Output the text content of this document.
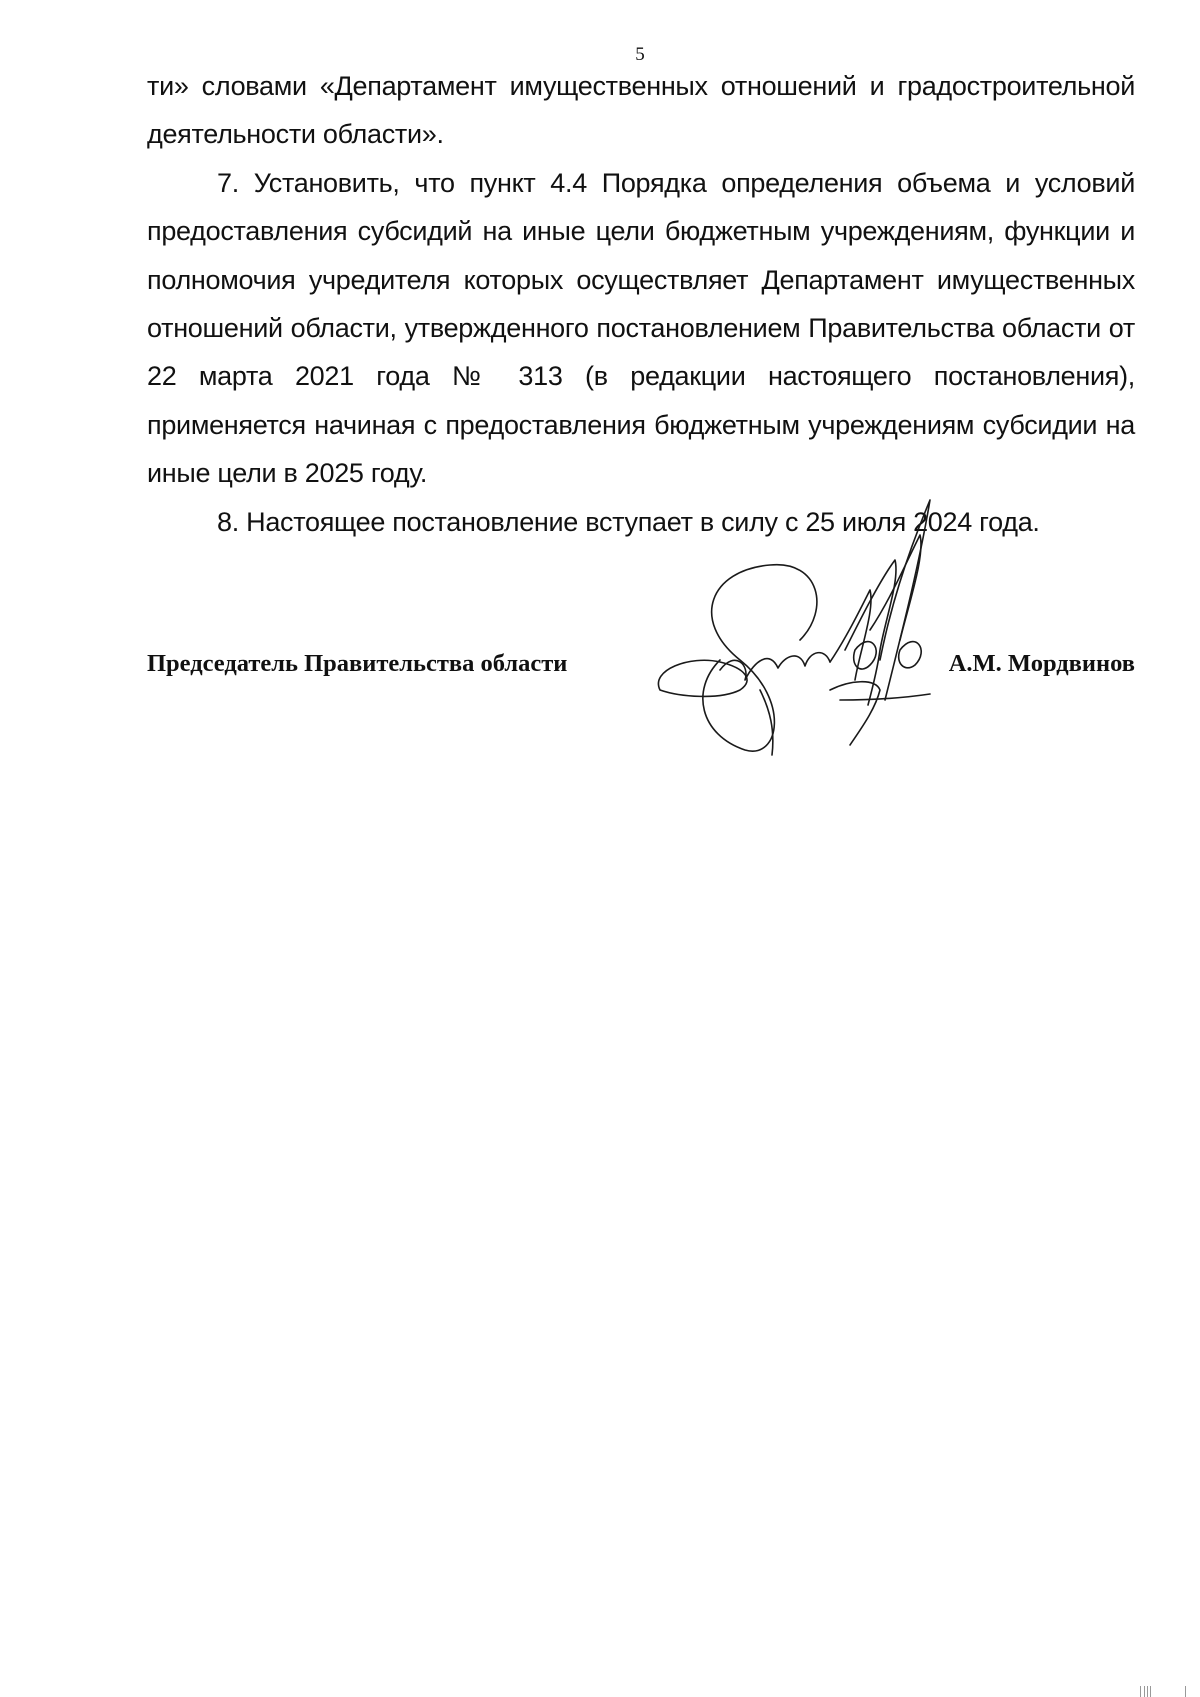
5

ти» словами «Департамент имущественных отношений и градостроительной деятельности области».

7. Установить, что пункт 4.4 Порядка определения объема и условий предоставления субсидий на иные цели бюджетным учреждениям, функции и полномочия учредителя которых осуществляет Департамент имущественных отношений области, утвержденного постановлением Правительства области от 22 марта 2021 года № 313 (в редакции настоящего постановления), применяется начиная с предоставления бюджетным учреждениям субсидии на иные цели в 2025 году.

8. Настоящее постановление вступает в силу с 25 июля 2024 года.

Председатель Правительства области	А.М. Мордвинов
